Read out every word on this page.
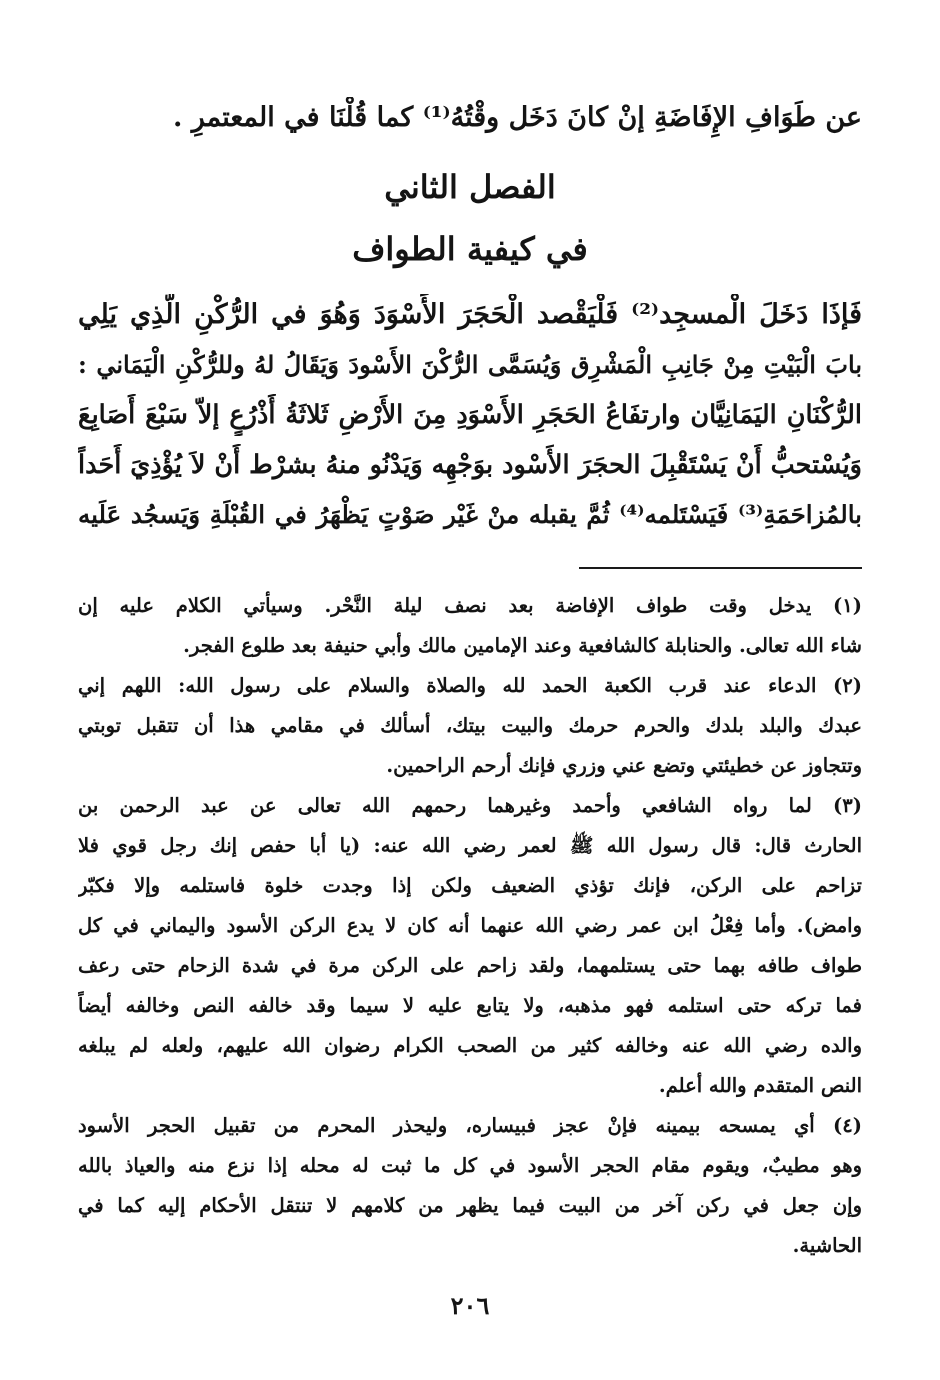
عن طَوَافِ الإِفَاضَةِ إنْ كانَ دَخَل وقْتُهُ⁽¹⁾ كما قُلْنَا في المعتمرِ .
الفصل الثاني
في كيفية الطواف
فَإذَا دَخَلَ الْمسجِد⁽²⁾ فَلْيَقْصد الْحَجَرَ الأَسْوَدَ وَهُوَ في الرُّكْنِ الَّذِي يَلِي
بابَ الْبَيْتِ مِنْ جَانِبِ الْمَشْرِق وَيُسَمَّى الرُّكْنَ الأَسْودَ وَيَقَالُ لهُ وللرُّكْنِ الْيَمَاني :
الرُّكْنَانِ اليَمَانِيَّان وارتفَاعُ الحَجَرِ الأَسْوَدِ مِنَ الأَرْضِ ثَلاثَةُ أَذْرُعٍ إلاّ سَبْعَ أَصَابِعَ
وَيُسْتحبُّ أَنْ يَسْتَقْبِلَ الحجَرَ الأَسْود بوَجْهِه وَيَدْنُو منهُ بشرْط أَنْ لاَ يُؤْذِيَ أَحَداً
بالمُزاحَمَةِ⁽³⁾ فَيَسْتَلمه⁽⁴⁾ ثُمَّ يقبله منْ غَيْر صَوْتٍ يَظْهَرُ في القُبْلَةِ وَيَسجُد عَلَيه
(١) يدخل وقت طواف الإفاضة بعد نصف ليلة النَّحْر. وسيأتي الكلام عليه إن
شاء الله تعالى. والحنابلة كالشافعية وعند الإمامين مالك وأبي حنيفة بعد طلوع الفجر.
(٢) الدعاء عند قرب الكعبة الحمد لله والصلاة والسلام على رسول الله: اللهم إني
عبدك والبلد بلدك والحرم حرمك والبيت بيتك، أسألك في مقامي هذا أن تتقبل توبتي
وتتجاوز عن خطيئتي وتضع عني وزري فإنك أرحم الراحمين.
(٣) لما رواه الشافعي وأحمد وغيرهما رحمهم الله تعالى عن عبد الرحمن بن
الحارث قال: قال رسول الله ﷺ لعمر رضي الله عنه: (يا أبا حفص إنك رجل قوي فلا
تزاحم على الركن، فإنك تؤذي الضعيف ولكن إذا وجدت خلوة فاستلمه وإلا فكبّر
وامض). وأما فِعْلُ ابن عمر رضي الله عنهما أنه كان لا يدع الركن الأسود واليماني في كل
طواف طافه بهما حتى يستلمهما، ولقد زاحم على الركن مرة في شدة الزحام حتى رعف
فما تركه حتى استلمه فهو مذهبه، ولا يتابع عليه لا سيما وقد خالفه النص وخالفه أيضاً
والده رضي الله عنه وخالفه كثير من الصحب الكرام رضوان الله عليهم، ولعله لم يبلغه
النص المتقدم والله أعلم.
(٤) أي يمسحه بيمينه فإنْ عجز فبيساره، وليحذر المحرم من تقبيل الحجر الأسود
وهو مطيبٌ، ويقوم مقام الحجر الأسود في كل ما ثبت له محله إذا نزع منه والعياذ بالله
وإن جعل في ركن آخر من البيت فيما يظهر من كلامهم لا تنتقل الأحكام إليه كما في
الحاشية.
٢٠٦
